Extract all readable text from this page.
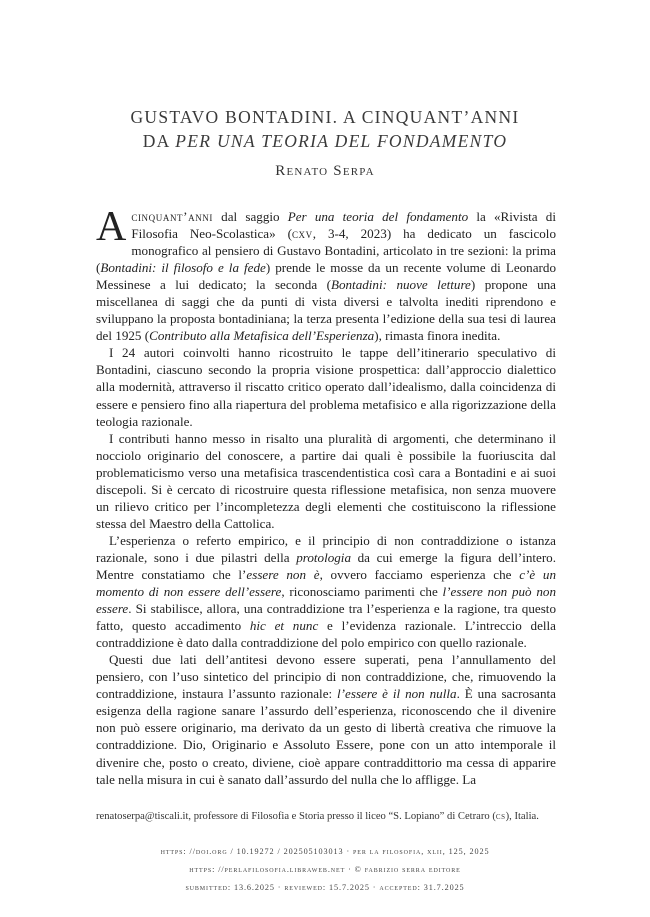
GUSTAVO BONTADINI. A CINQUANT’ANNI
DA PER UNA TEORIA DEL FONDAMENTO
Renato Serpa

Acinquant’anni dal saggio Per una teoria del fondamento la «Rivista di Filosofia Neo-Scolastica» (cxv, 3-4, 2023) ha dedicato un fascicolo monografico al pensiero di Gustavo Bontadini, articolato in tre sezioni: la prima (Bontadini: il filosofo e la fede) prende le mosse da un recente volume di Leonardo Messinese a lui dedicato; la seconda (Bontadini: nuove letture) propone una miscellanea di saggi che da punti di vista diversi e talvolta inediti riprendono e sviluppano la proposta bontadiniana; la terza presenta l’edizione della sua tesi di laurea del 1925 (Contributo alla Metafisica dell’Esperienza), rimasta finora inedita.

I 24 autori coinvolti hanno ricostruito le tappe dell’itinerario speculativo di Bontadini, ciascuno secondo la propria visione prospettica: dall’approccio dialettico alla modernità, attraverso il riscatto critico operato dall’idealismo, dalla coincidenza di essere e pensiero fino alla riapertura del problema metafisico e alla rigorizzazione della teologia razionale.

I contributi hanno messo in risalto una pluralità di argomenti, che determinano il nocciolo originario del conoscere, a partire dai quali è possibile la fuoriuscita dal problematicismo verso una metafisica trascendentistica così cara a Bontadini e ai suoi discepoli. Si è cercato di ricostruire questa riflessione metafisica, non senza muovere un rilievo critico per l’incompletezza degli elementi che costituiscono la riflessione stessa del Maestro della Cattolica.

L’esperienza o referto empirico, e il principio di non contraddizione o istanza razionale, sono i due pilastri della protologia da cui emerge la figura dell’intero. Mentre constatiamo che l’essere non è, ovvero facciamo esperienza che c’è un momento di non essere dell’essere, riconosciamo parimenti che l’essere non può non essere. Si stabilisce, allora, una contraddizione tra l’esperienza e la ragione, tra questo fatto, questo accadimento hic et nunc e l’evidenza razionale. L’intreccio della contraddizione è dato dalla contraddizione del polo empirico con quello razionale.

Questi due lati dell’antitesi devono essere superati, pena l’annullamento del pensiero, con l’uso sintetico del principio di non contraddizione, che, rimuovendo la contraddizione, instaura l’assunto razionale: l’essere è il non nulla. È una sacrosanta esigenza della ragione sanare l’assurdo dell’esperienza, riconoscendo che il divenire non può essere originario, ma derivato da un gesto di libertà creativa che rimuove la contraddizione. Dio, Originario e Assoluto Essere, pone con un atto intemporale il divenire che, posto o creato, diviene, cioè appare contraddittorio ma cessa di apparire tale nella misura in cui è sanato dall’assurdo del nulla che lo affligge. La

renatoserpa@tiscali.it, professore di Filosofia e Storia presso il liceo “S. Lopiano” di Cetraro (cs), Italia.
https: //doi.org / 10.19272 / 202505103013 · per la filosofia, xlii, 125, 2025
https: //perlafilosofia.libraweb.net · © fabrizio serra editore
submitted: 13.6.2025 · reviewed: 15.7.2025 · accepted: 31.7.2025
